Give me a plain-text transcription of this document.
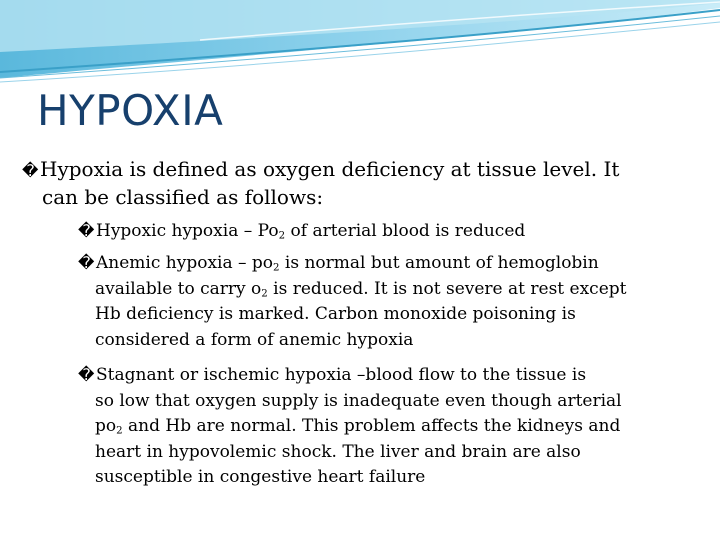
HYPOXIA
�Hypoxia is defined as oxygen deficiency at tissue level. It
can be classified as follows:
�Hypoxic hypoxia – $Po_2$ of arterial blood is reduced
�Anemic hypoxia – $po_2$ is normal but amount of hemoglobin
available to carry $o_2$ is reduced. It is not severe at rest except
Hb deficiency is marked. Carbon monoxide poisoning is
considered a form of anemic hypoxia
�Stagnant or ischemic hypoxia –blood flow to the tissue is
so low that oxygen supply is inadequate even though arterial
$po_2$ and Hb are normal. This problem affects the kidneys and
heart in hypovolemic shock. The liver and brain are also
susceptible in congestive heart failure
